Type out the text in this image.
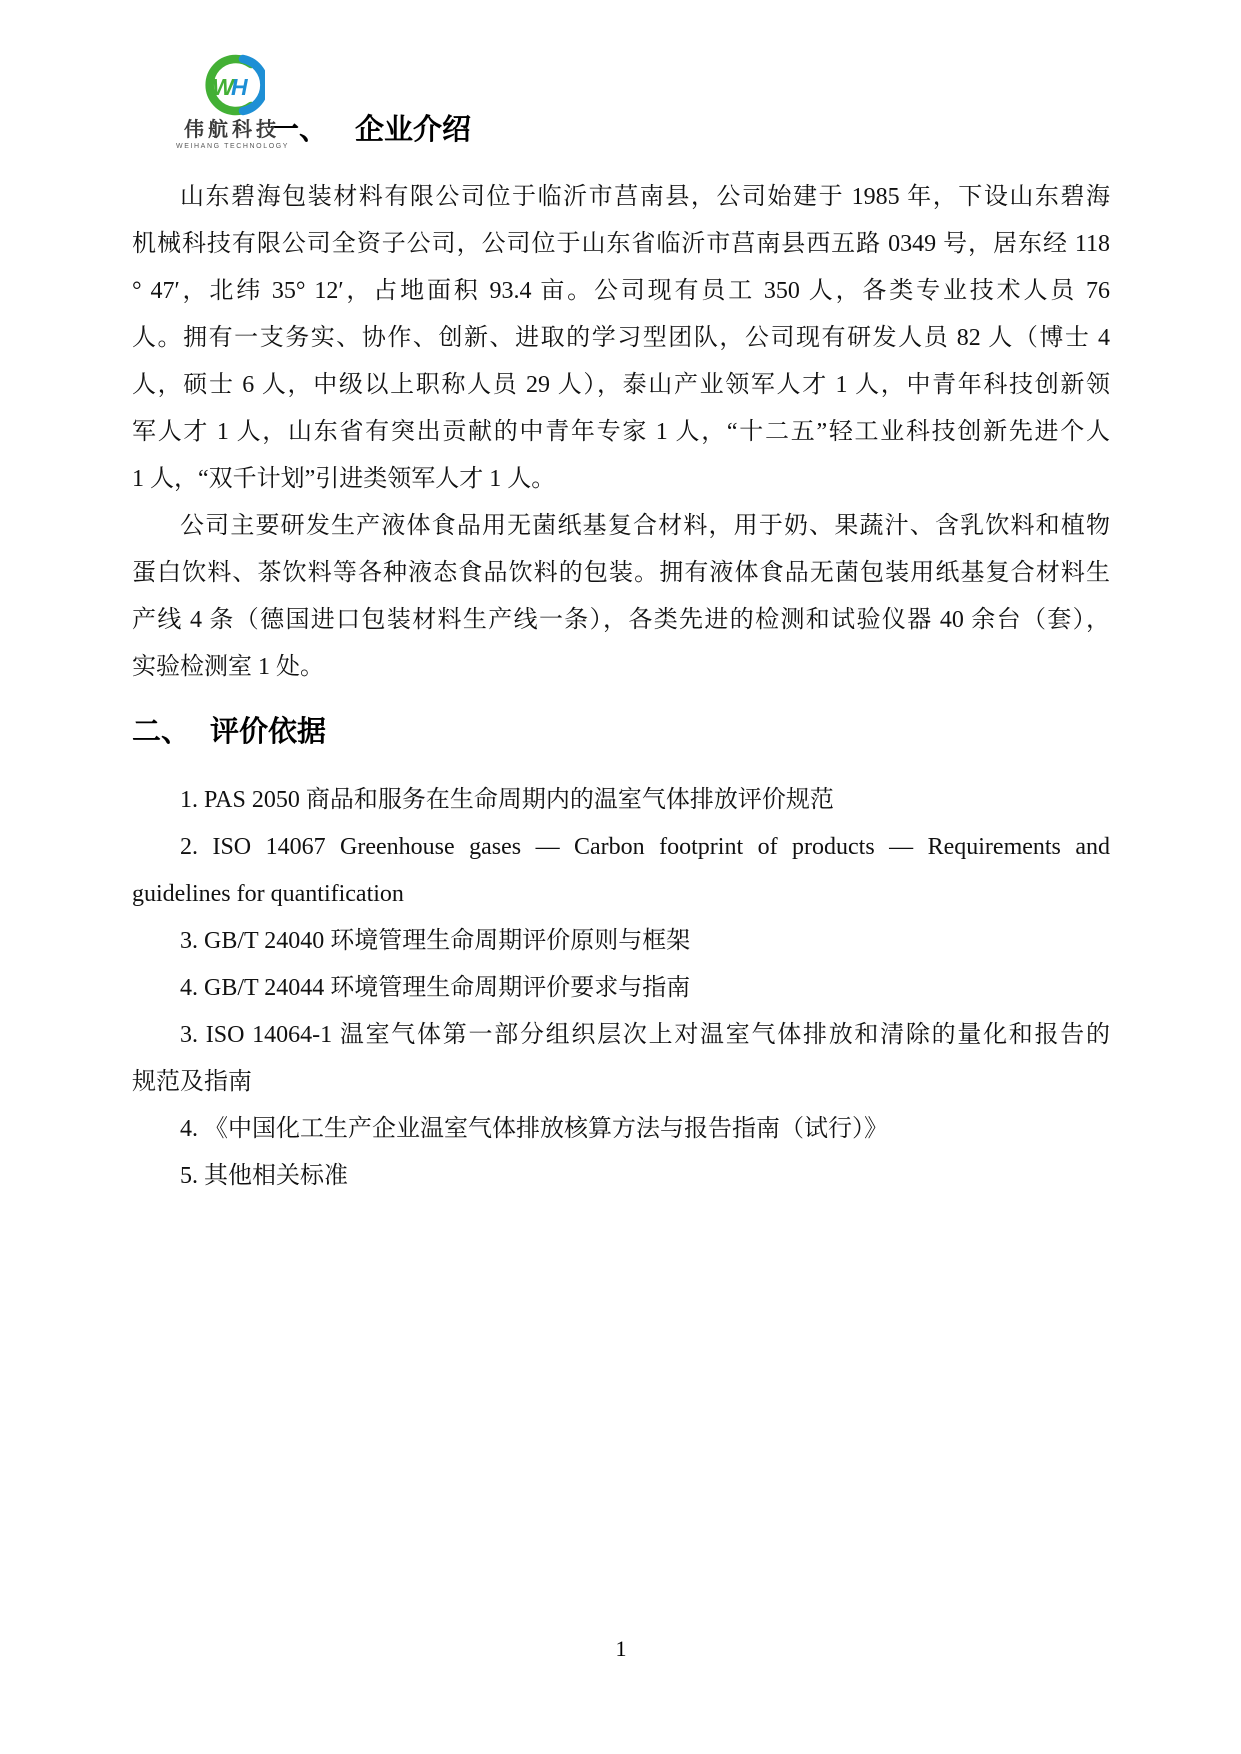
W
H
伟航科技
WEIHANG TECHNOLOGY
一、 企业介绍
山东碧海包装材料有限公司位于临沂市莒南县，公司始建于 1985 年，下设山东碧海
机械科技有限公司全资子公司，公司位于山东省临沂市莒南县西五路 0349 号，居东经 118
° 47′，北纬 35° 12′，占地面积 93.4 亩。公司现有员工 350 人，各类专业技术人员 76
人。拥有一支务实、协作、创新、进取的学习型团队，公司现有研发人员 82 人（博士 4
人，硕士 6 人，中级以上职称人员 29 人），泰山产业领军人才 1 人，中青年科技创新领
军人才 1 人，山东省有突出贡献的中青年专家 1 人，“十二五”轻工业科技创新先进个人
1 人，“双千计划”引进类领军人才 1 人。
公司主要研发生产液体食品用无菌纸基复合材料，用于奶、果蔬汁、含乳饮料和植物
蛋白饮料、茶饮料等各种液态食品饮料的包装。拥有液体食品无菌包装用纸基复合材料生
产线 4 条（德国进口包装材料生产线一条），各类先进的检测和试验仪器 40 余台（套），
实验检测室 1 处。
二、 评价依据
1. PAS 2050 商品和服务在生命周期内的温室气体排放评价规范
2. ISO 14067 Greenhouse gases — Carbon footprint of products — Requirements and
guidelines for quantification
3. GB/T 24040 环境管理生命周期评价原则与框架
4. GB/T 24044 环境管理生命周期评价要求与指南
3. ISO 14064-1 温室气体第一部分组织层次上对温室气体排放和清除的量化和报告的
规范及指南
4. 《中国化工生产企业温室气体排放核算方法与报告指南（试行）》
5. 其他相关标准
1
